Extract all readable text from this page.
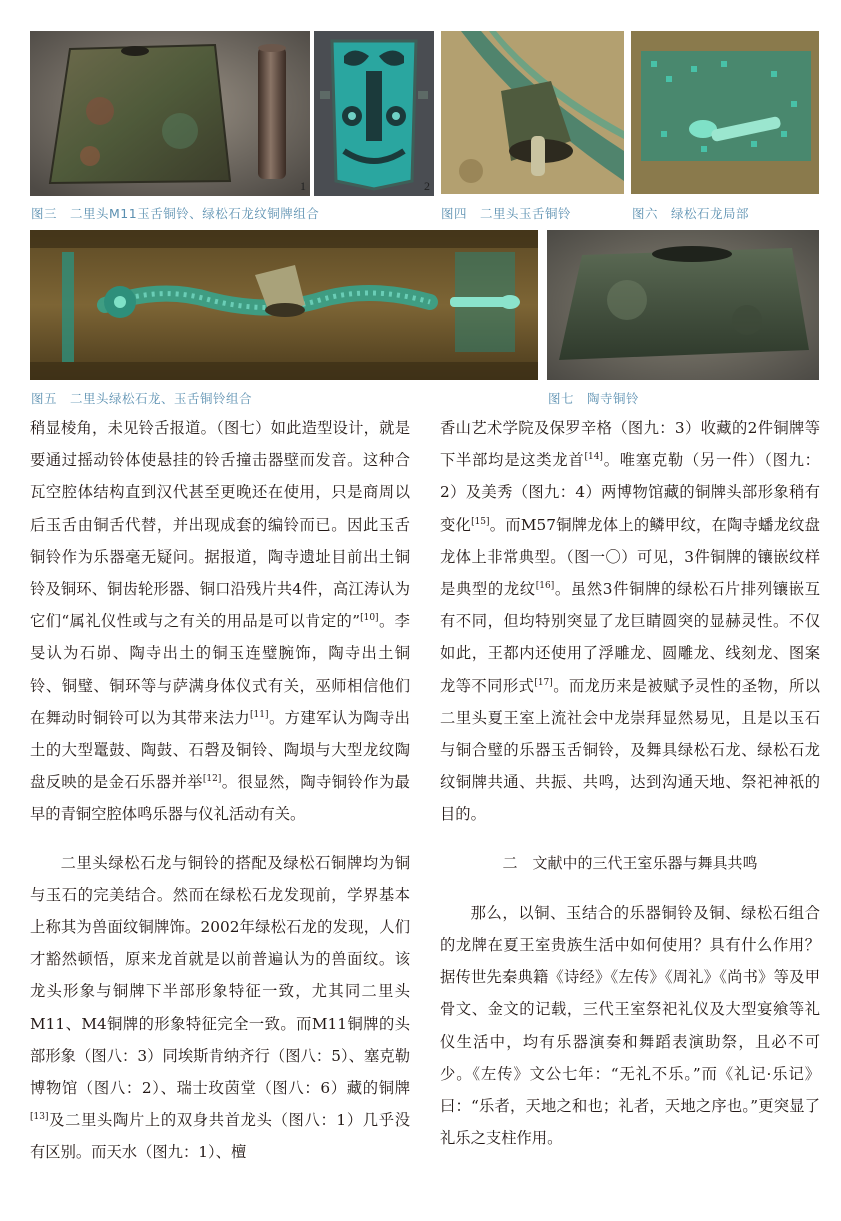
1	2
图三　二里头M11玉舌铜铃、绿松石龙纹铜牌组合	图四　二里头玉舌铜铃	图六　绿松石龙局部
图五　二里头绿松石龙、玉舌铜铃组合	图七　陶寺铜铃

稍显棱角，未见铃舌报道。（图七）如此造型设计，就是要通过摇动铃体使悬挂的铃舌撞击器壁而发音。这种合瓦空腔体结构直到汉代甚至更晚还在使用，只是商周以后玉舌由铜舌代替，并出现成套的编铃而已。因此玉舌铜铃作为乐器毫无疑问。据报道，陶寺遗址目前出土铜铃及铜环、铜齿轮形器、铜口沿残片共4件，高江涛认为它们“属礼仪性或与之有关的用品是可以肯定的”[10]。李旻认为石峁、陶寺出土的铜玉连璧腕饰，陶寺出土铜铃、铜璧、铜环等与萨满身体仪式有关，巫师相信他们在舞动时铜铃可以为其带来法力[11]。方建军认为陶寺出土的大型鼍鼓、陶鼓、石磬及铜铃、陶埙与大型龙纹陶盘反映的是金石乐器并举[12]。很显然，陶寺铜铃作为最早的青铜空腔体鸣乐器与仪礼活动有关。

二里头绿松石龙与铜铃的搭配及绿松石铜牌均为铜与玉石的完美结合。然而在绿松石龙发现前，学界基本上称其为兽面纹铜牌饰。2002年绿松石龙的发现，人们才豁然顿悟，原来龙首就是以前普遍认为的兽面纹。该龙头形象与铜牌下半部形象特征一致，尤其同二里头M11、M4铜牌的形象特征完全一致。而M11铜牌的头部形象（图八：3）同埃斯肯纳齐行（图八：5）、塞克勒博物馆（图八：2）、瑞士玫茵堂（图八：6）藏的铜牌[13]及二里头陶片上的双身共首龙头（图八：1）几乎没有区别。而天水（图九：1）、檀

香山艺术学院及保罗辛格（图九：3）收藏的2件铜牌等下半部均是这类龙首[14]。唯塞克勒（另一件）（图九：2）及美秀（图九：4）两博物馆藏的铜牌头部形象稍有变化[15]。而M57铜牌龙体上的鳞甲纹，在陶寺蟠龙纹盘龙体上非常典型。（图一〇）可见，3件铜牌的镶嵌纹样是典型的龙纹[16]。虽然3件铜牌的绿松石片排列镶嵌互有不同，但均特别突显了龙巨睛圆突的显赫灵性。不仅如此，王都内还使用了浮雕龙、圆雕龙、线刻龙、图案龙等不同形式[17]。而龙历来是被赋予灵性的圣物，所以二里头夏王室上流社会中龙崇拜显然易见，且是以玉石与铜合璧的乐器玉舌铜铃，及舞具绿松石龙、绿松石龙纹铜牌共通、共振、共鸣，达到沟通天地、祭祀神祇的目的。

二　文献中的三代王室乐器与舞具共鸣

那么，以铜、玉结合的乐器铜铃及铜、绿松石组合的龙牌在夏王室贵族生活中如何使用？具有什么作用？据传世先秦典籍《诗经》《左传》《周礼》《尚书》等及甲骨文、金文的记载，三代王室祭祀礼仪及大型宴飨等礼仪生活中，均有乐器演奏和舞蹈表演助祭，且必不可少。《左传》文公七年：“无礼不乐。”而《礼记·乐记》曰：“乐者，天地之和也；礼者，天地之序也。”更突显了礼乐之支柱作用。
